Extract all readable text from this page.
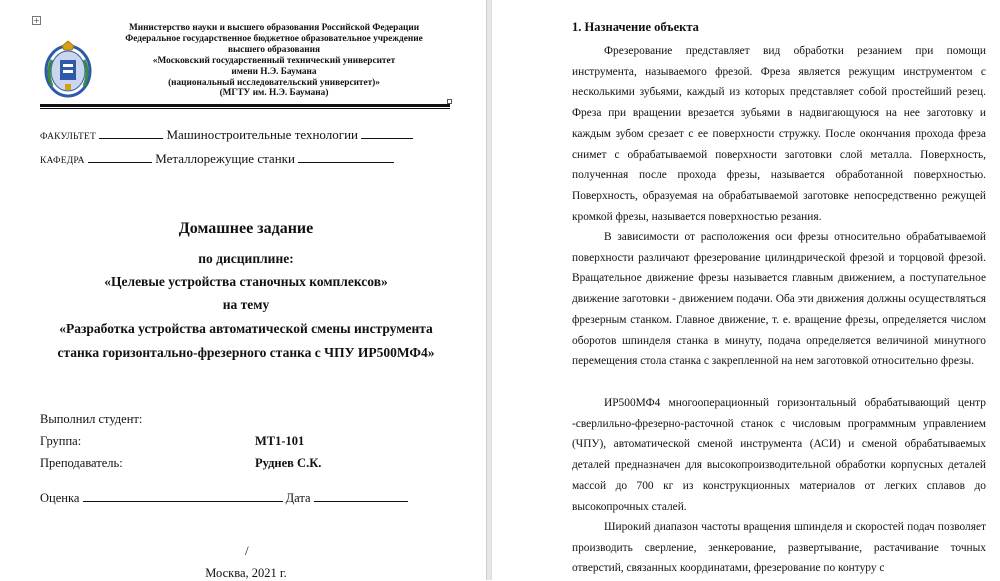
+
Министерство науки и высшего образования Российской Федерации
Федеральное государственное бюджетное образовательное учреждение
высшего образования
«Московский государственный технический университет
имени Н.Э. Баумана
(национальный исследовательский университет)»
(МГТУ им. Н.Э. Баумана)
ФАКУЛЬТЕТ	Машиностроительные технологии
КАФЕДРА	Металлорежущие станки
Домашнее задание
по дисциплине:
«Целевые устройства станочных комплексов»
на тему
«Разработка устройства автоматической смены инструмента
станка горизонтально-фрезерного станка с ЧПУ ИР500МФ4»
Выполнил студент:
Группа:	МТ1-101
Преподаватель:	Руднев С.К.
Оценка	Дата
/
Москва, 2021 г.
1. Назначение объекта
Фрезерование представляет вид обработки резанием при помощи инструмента, называемого фрезой. Фреза является режущим инструментом с несколькими зубьями, каждый из которых представляет собой простейший резец. Фреза при вращении врезается зубьями в надвигающуюся на нее заготовку и каждым зубом срезает с ее поверхности стружку. После окончания прохода фреза снимет с обрабатываемой поверхности заготовки слой металла. Поверхность, полученная после прохода фрезы, называется обработанной поверхностью. Поверхность, образуемая на обрабатываемой заготовке непосредственно режущей кромкой фрезы, называется поверхностью резания.
В зависимости от расположения оси фрезы относительно обрабатываемой поверхности различают фрезерование цилиндрической фрезой и торцовой фрезой. Вращательное движение фрезы называется главным движением, а поступательное движение заготовки - движением подачи. Оба эти движения должны осуществляться фрезерным станком. Главное движение, т. е. вращение фрезы, определяется числом оборотов шпинделя станка в минуту, подача определяется величиной минутного перемещения стола станка с закрепленной на нем заготовкой относительно фрезы.
ИР500МФ4 многооперационный горизонтальный обрабатывающий центр -сверлильно-фрезерно-расточной станок с числовым программным управлением (ЧПУ), автоматической сменой инструмента (АСИ) и сменой обрабатываемых деталей предназначен для высокопроизводительной обработки корпусных деталей массой до 700 кг из конструкционных материалов от легких сплавов до высокопрочных сталей.
Широкий диапазон частоты вращения шпинделя и скоростей подач позволяет производить сверление, зенкерование, развертывание, растачивание точных отверстий, связанных координатами, фрезерование по контуру с
